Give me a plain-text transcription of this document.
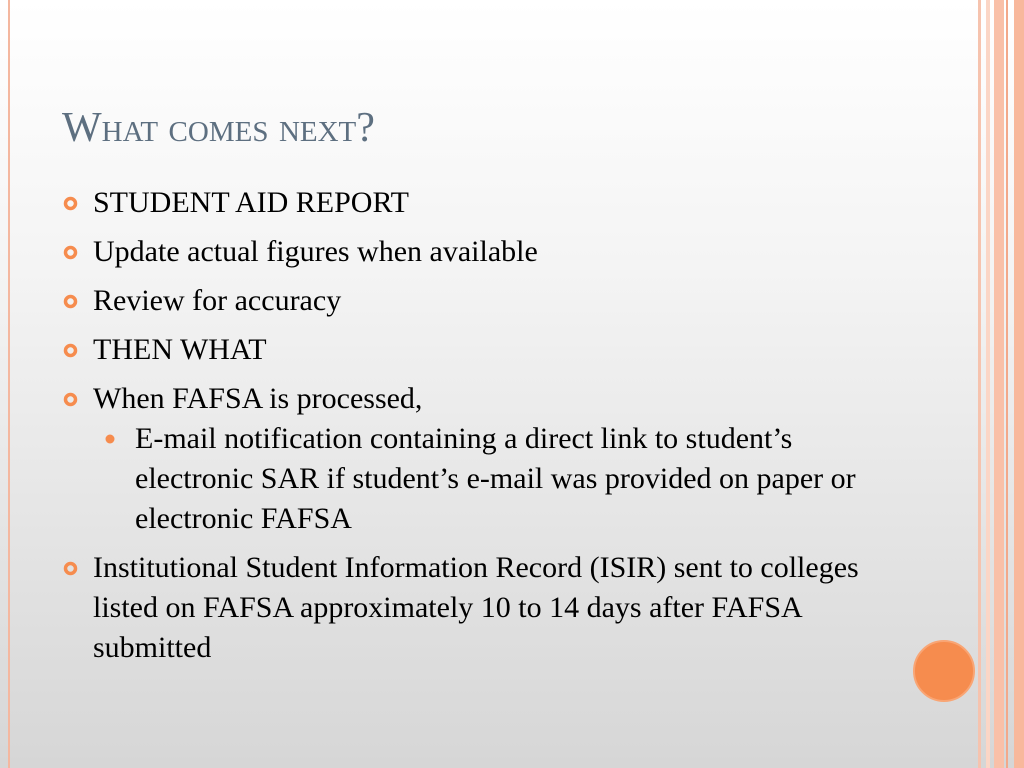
What comes next?
STUDENT AID REPORT
Update actual figures when available
Review for accuracy
THEN WHAT
When FAFSA is processed,
E-mail notification containing a direct link to student’s electronic SAR if student’s e-mail was provided on paper or electronic FAFSA
Institutional Student Information Record (ISIR) sent to colleges listed on FAFSA approximately 10 to 14 days after FAFSA submitted
